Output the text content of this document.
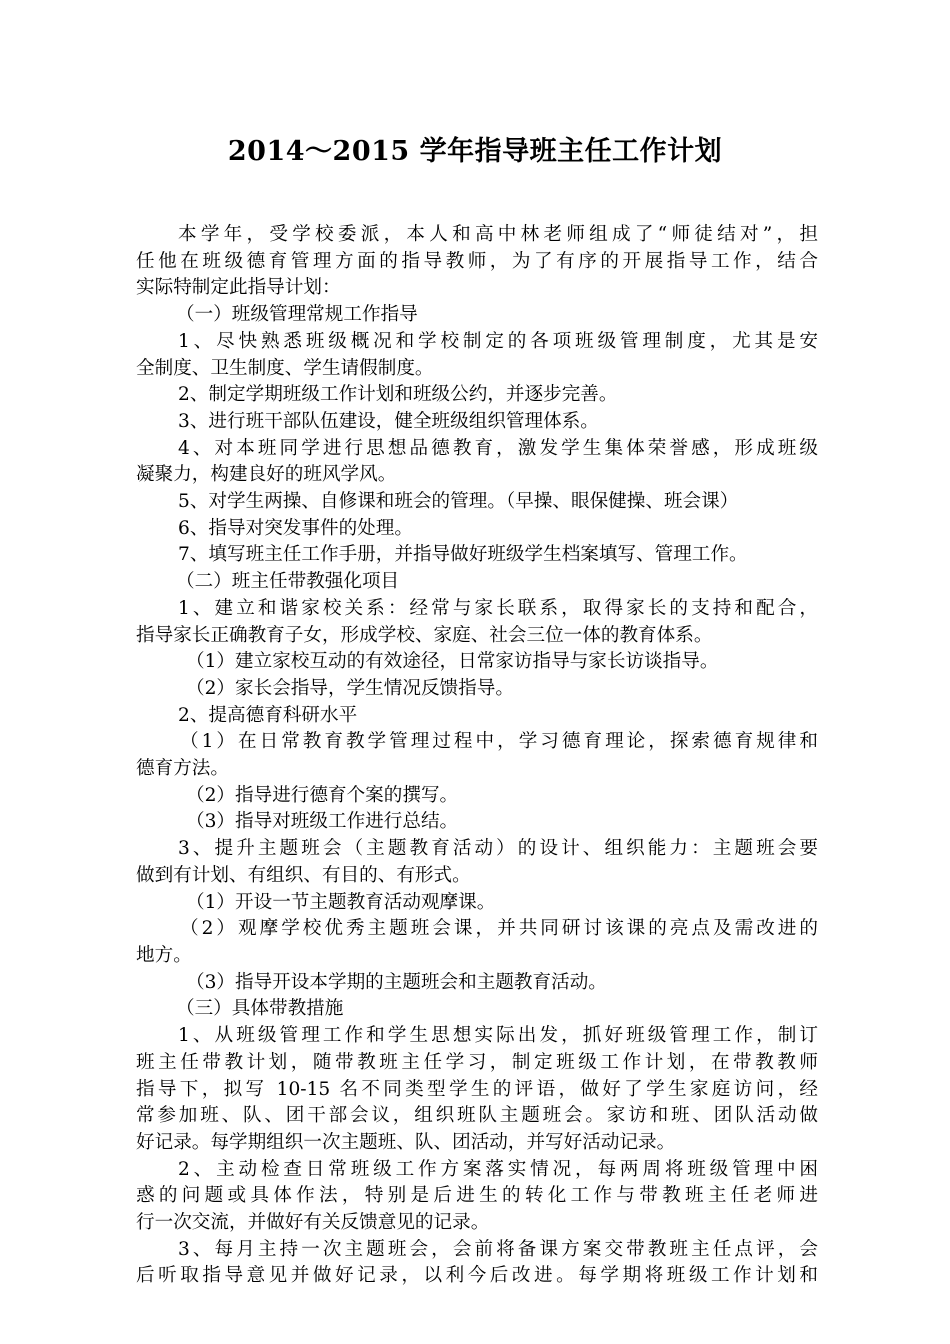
2014～2015 学年指导班主任工作计划

本学年，受学校委派，本人和高中林老师组成了“师徒结对”，担

任他在班级德育管理方面的指导教师，为了有序的开展指导工作，结合

实际特制定此指导计划：

（一）班级管理常规工作指导

1、尽快熟悉班级概况和学校制定的各项班级管理制度，尤其是安

全制度、卫生制度、学生请假制度。

2、制定学期班级工作计划和班级公约，并逐步完善。

3、进行班干部队伍建设，健全班级组织管理体系。

4、对本班同学进行思想品德教育，激发学生集体荣誉感，形成班级

凝聚力，构建良好的班风学风。

5、对学生两操、自修课和班会的管理。（早操、眼保健操、班会课）

6、指导对突发事件的处理。

7、填写班主任工作手册，并指导做好班级学生档案填写、管理工作。

（二）班主任带教强化项目

1、建立和谐家校关系：经常与家长联系，取得家长的支持和配合，

指导家长正确教育子女，形成学校、家庭、社会三位一体的教育体系。

（1）建立家校互动的有效途径，日常家访指导与家长访谈指导。

（2）家长会指导，学生情况反馈指导。

2、提高德育科研水平

（1）在日常教育教学管理过程中，学习德育理论，探索德育规律和

德育方法。

（2）指导进行德育个案的撰写。

（3）指导对班级工作进行总结。

3、提升主题班会（主题教育活动）的设计、组织能力：主题班会要

做到有计划、有组织、有目的、有形式。

（1）开设一节主题教育活动观摩课。

（2）观摩学校优秀主题班会课，并共同研讨该课的亮点及需改进的

地方。

（3）指导开设本学期的主题班会和主题教育活动。

（三）具体带教措施

1、从班级管理工作和学生思想实际出发，抓好班级管理工作，制订

班主任带教计划，随带教班主任学习，制定班级工作计划，在带教教师

指导下，拟写 10-15 名不同类型学生的评语，做好了学生家庭访问，经

常参加班、队、团干部会议，组织班队主题班会。家访和班、团队活动做

好记录。每学期组织一次主题班、队、团活动，并写好活动记录。

2、主动检查日常班级工作方案落实情况，每两周将班级管理中困

惑的问题或具体作法，特别是后进生的转化工作与带教班主任老师进

行一次交流，并做好有关反馈意见的记录。

3、每月主持一次主题班会，会前将备课方案交带教班主任点评，会

后听取指导意见并做好记录，以利今后改进。每学期将班级工作计划和
